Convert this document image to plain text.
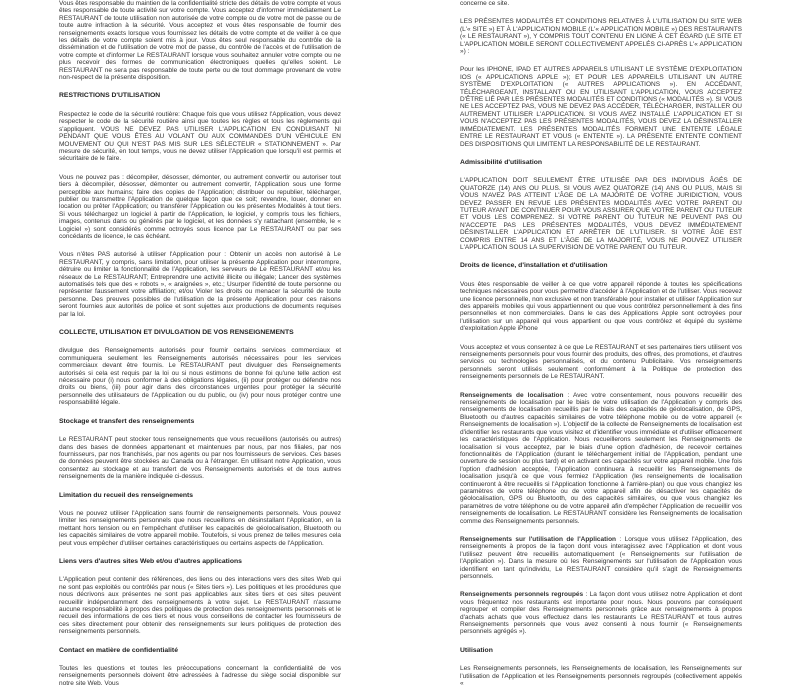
Vous êtes responsable du maintien de la confidentialité stricte des détails de votre compte et vous êtes responsable de toute activité sur votre compte. Vous acceptez d'informer immédiatement Le RESTAURANT de toute utilisation non autorisée de votre compte ou de votre mot de passe ou de toute autre infraction à la sécurité. Vous acceptez et vous êtes responsable de fournir des renseignements exacts lorsque vous fournissez les détails de votre compte et de veiller à ce que les détails de votre compte soient mis à jour. Vous êtes seul responsable du contrôle de la dissémination et de l'utilisation de votre mot de passe, du contrôle de l'accès et de l'utilisation de votre compte et d'informer Le RESTAURANT lorsque vous souhaitez annuler votre compte ou ne plus recevoir des formes de communication électroniques quelles qu'elles soient. Le RESTAURANT ne sera pas responsable de toute perte ou de tout dommage provenant de votre non-respect de la présente disposition.

RESTRICTIONS D'UTILISATION

Respectez le code de la sécurité routière: Chaque fois que vous utilisez l'Application, vous devez respecter le code de la sécurité routière ainsi que toutes les règles et tous les règlements qui s'appliquent. VOUS NE DEVEZ PAS UTILISER L'APPLICATION EN CONDUISANT NI PENDANT QUE VOUS ÊTES AU VOLANT OU AUX COMMANDES D'UN VÉHICULE EN MOUVEMENT OU QUI N'EST PAS MIS SUR LES SÉLECTEUR « STATIONNEMENT ». Par mesure de sécurité, en tout temps, vous ne devez utiliser l'Application que lorsqu'il est permis et sécuritaire de le faire.

Vous ne pouvez pas : décompiler, désosser, démonter, ou autrement convertir ou autoriser tout tiers à décompiler, désosser, démonter ou autrement convertir, l'Application sous une forme perceptible aux humains; faire des copies de l'Application; distribuer ou republier, télécharger, publier ou transmettre l'Application de quelque façon que ce soit; revendre, louer, donner en location ou prêter l'Application; ou transférer l'Application ou les présentes Modalités à tout tiers. Si vous téléchargez un logiciel à partir de l'Application, le logiciel, y compris tous les fichiers, images, contenus dans ou générés par le logiciel, et les données s'y rattachant (ensemble, le « Logiciel ») sont considérés comme octroyés sous licence par Le RESTAURANT ou par ses concédants de licence, le cas échéant.

Vous n'êtes PAS autorisé à utiliser l'Application pour : Obtenir un accès non autorisé à Le RESTAURANT, y compris, sans limitation, pour utiliser la présente Application pour interrompre, détruire ou limiter la fonctionnalité de l'Application, les serveurs de Le RESTAURANT et/ou les réseaux de Le RESTAURANT; Entreprendre une activité illicite ou illégale; Lancer des systèmes automatisés tels que des « robots », « araignées », etc.; Usurper l'identité de toute personne ou représenter faussement votre affiliation; et/ou Violer les droits ou menacer la sécurité de toute personne. Des preuves possibles de l'utilisation de la présente Application pour ces raisons seront fournies aux autorités de police et sont sujettes aux productions de documents requises par la loi.

COLLECTE, UTILISATION ET DIVULGATION DE VOS RENSEIGNEMENTS

divulgue des Renseignements autorisés pour fournir certains services commerciaux et communiquera seulement les Renseignements autorisés nécessaires pour les services commerciaux devant être fournis. Le RESTAURANT peut divulguer des Renseignements autorisés si cela est requis par la loi ou si nous estimons de bonne foi qu'une telle action est nécessaire pour (i) nous conformer à des obligations légales, (ii) pour protéger ou défendre nos droits ou biens, (iii) pour agir dans des circonstances urgentes pour protéger la sécurité personnelle des utilisateurs de l'Application ou du public, ou (iv) pour nous protéger contre une responsabilité légale.

Stockage et transfert des renseignements

Le RESTAURANT peut stocker tous renseignements que vous recueillons (autorisés ou autres) dans des bases de données appartenant et maintenues par nous, par nos filiales, par nos fournisseurs, par nos franchisés, par nos agents ou par nos fournisseurs de services. Ces bases de données peuvent être stockées au Canada ou à l'étranger. En utilisant notre Application, vous consentez au stockage et au transfert de vos Renseignements autorisés et de tous autres renseignements de la manière indiquée ci-dessus.

Limitation du recueil des renseignements

Vous ne pouvez utiliser l'Application sans fournir de renseignements personnels. Vous pouvez limiter les renseignements personnels que nous recueillons en désinstallant l'Application, en la mettant hors tension ou en l'empêchant d'utiliser les capacités de géolocalisation, Bluetooth ou les capacités similaires de votre appareil mobile. Toutefois, si vous prenez de telles mesures cela peut vous empêcher d'utiliser certaines caractéristiques ou certains aspects de l'Application.

Liens vers d'autres sites Web et/ou d'autres applications

L'Application peut contenir des références, des liens ou des interactions vers des sites Web qui ne sont pas exploités ou contrôlés par nous (« Sites tiers »). Les politiques et les procédures que nous décrivons aux présentes ne sont pas applicables aux sites tiers et ces sites peuvent recueillir indépendamment des renseignements à votre sujet. Le RESTAURANT n'assume aucune responsabilité à propos des politiques de protection des renseignements personnels et le recueil des informations de ces tiers et nous vous conseillons de contacter les fournisseurs de ces sites directement pour obtenir des renseignements sur leurs politiques de protection des renseignements personnels.

Contact en matière de confidentialité

Toutes les questions et toutes les préoccupations concernant la confidentialité de vos renseignements personnels doivent être adressées à l'adresse du siège social disponible sur notre site Web. Vous

concerne ce site.

LES PRÉSENTES MODALITÉS ET CONDITIONS RELATIVES À L'UTILISATION DU SITE WEB (L'« SITE ») ET À L'APPLICATION MOBILE (L'« APPLICATION MOBILE ») DES RESTAURANTS (« LE RESTAURANT »), Y COMPRIS TOUT CONTENU EN LIGNE À CET ÉGARD (LE SITE ET L'APPLICATION MOBILE SERONT COLLECTIVEMENT APPELÉS CI-APRÈS L'« APPLICATION ») :

Pour les IPHONE, IPAD ET AUTRES APPAREILS UTILISANT LE SYSTÈME D'EXPLOITATION IOS (« APPLICATIONS APPLE »); ET POUR LES APPAREILS UTILISANT UN AUTRE SYSTÈME D'EXPLOITATION (« AUTRES APPLICATIONS »). EN ACCÉDANT, TÉLÉCHARGEANT, INSTALLANT OU EN UTILISANT L'APPLICATION, VOUS ACCEPTEZ D'ÊTRE LIÉ PAR LES PRÉSENTES MODALITÉS ET CONDITIONS (« MODALITÉS »). SI VOUS NE LES ACCEPTEZ PAS, VOUS NE DEVEZ PAS ACCÉDER, TÉLÉCHARGER, INSTALLER OU AUTREMENT UTILISER L'APPLICATION. SI VOUS AVEZ INSTALLÉ L'APPLICATION ET SI VOUS N'ACCEPTEZ PAS LES PRÉSENTES MODALITÉS, VOUS DEVEZ LA DÉSINSTALLER IMMÉDIATEMENT. LES PRÉSENTES MODALITÉS FORMENT UNE ENTENTE LÉGALE ENTRE LE RESTAURANT ET VOUS (« ENTENTE »). LA PRÉSENTE ENTENTE CONTIENT DES DISPOSITIONS QUI LIMITENT LA RESPONSABILITÉ DE LE RESTAURANT.

Admissibilité d'utilisation

L'APPLICATION DOIT SEULEMENT ÊTRE UTILISÉE PAR DES INDIVIDUS ÂGÉS DE QUATORZE (14) ANS OU PLUS. SI VOUS AVEZ QUATORZE (14) ANS OU PLUS, MAIS SI VOUS N'AVEZ PAS ATTEINT L'ÂGE DE LA MAJORITÉ DE VOTRE JURIDICTION, VOUS DEVEZ PASSER EN REVUE LES PRÉSENTES MODALITÉS AVEC VOTRE PARENT OU TUTEUR AYANT DE CONTINUER POUR VOUS ASSURER QUE VOTRE PARENT OU TUTEUR ET VOUS LES COMPRENEZ. SI VOTRE PARENT OU TUTEUR NE PEUVENT PAS OU N'ACCEPTE PAS LES PRÉSENTES MODALITÉS, VOUS DEVEZ IMMÉDIATEMENT DÉSINSTALLER L'APPLICATION ET ARRÊTER DE L'UTILISER. SI VOTRE ÂGE EST COMPRIS ENTRE 14 ANS ET L'ÂGE DE LA MAJORITÉ, VOUS NE POUVEZ UTILISER L'APPLICATION SOUS LA SUPERVISION DE VOTRE PARENT OU TUTEUR.

Droits de licence, d'installation et d'utilisation

Vous êtes responsable de veiller à ce que votre appareil réponde à toutes les spécifications techniques nécessaires pour vous permettre d'accéder à l'Application et de l'utiliser. Vous recevez une licence personnelle, non exclusive et non transférable pour installer et utiliser l'Application sur des appareils mobiles qui vous appartiennent ou que vous contrôlez personnellement à des fins personnelles et non commerciales. Dans le cas des Applications Apple sont octroyées pour l'utilisation sur un appareil qui vous appartient ou que vous contrôlez et équipé du système d'exploitation Apple iPhone

Vous acceptez et vous consentez à ce que Le RESTAURANT et ses partenaires tiers utilisent vos renseignements personnels pour vous fournir des produits, des offres, des promotions, et d'autres services ou technologies personnalisés, et du contenu Publicitaire. Vos renseignements personnels seront utilisés seulement conformément à la Politique de protection des renseignements personnels de Le RESTAURANT.

Renseignements de localisation : Avec votre consentement, nous pouvons recueillir des renseignements de localisation par le biais de votre utilisation de l'Application y compris des renseignements de localisation recueillis par le biais des capacités de géolocalisation, de GPS, Bluetooth ou d'autres capacités similaires de votre téléphone mobile ou de votre appareil (« Renseignements de localisation »). L'objectif de la collecte de Renseignements de localisation est d'identifier les restaurants que vous visitez et d'identifier vous immédiate et d'utiliser efficacement les caractéristiques de l'Application. Nous recueillerons seulement les Renseignements de localisation si vous acceptez, par le biais d'une option d'adhésion, de recevoir certaines fonctionnalités de l'Application (durant le téléchargement initial de l'Application, pendant une ouverture de session ou plus tard) et en activant ces capacités sur votre appareil mobile. Une fois l'option d'adhésion acceptée, l'Application continuera à recueillir les Renseignements de localisation jusqu'à ce que vous fermiez l'Application (les renseignements de localisation continueront à être recueillis si l'Application fonctionne à l'arrière-plan) ou que vous changiez les paramètres de votre téléphone ou de votre appareil afin de désactiver les capacités de géolocalisation, GPS ou Bluetooth, ou des capacités similaires, ou que vous changiez les paramètres de votre téléphone ou de votre appareil afin d'empêcher l'Application de recueillir vos renseignements de localisation. Le RESTAURANT considère les Renseignements de localisation comme des Renseignements personnels.

Renseignements sur l'utilisation de l'Application : Lorsque vous utilisez l'Application, des renseignements à propos de la façon dont vous interagissez avec l'Application et dont vous l'utilisez peuvent être recueillis automatiquement (« Renseignements sur l'utilisation de l'Application »). Dans la mesure où les Renseignements sur l'utilisation de l'Application vous identifient en tant qu'individu, Le RESTAURANT considère qu'il s'agit de Renseignements personnels.

Renseignements personnels regroupés : La façon dont vous utilisez notre Application et dont vous fréquentez nos restaurants est importante pour nous. Nous pouvons par conséquent regrouper et compiler des Renseignements personnels grâce aux renseignements à propos d'achats achats que vous effectuez dans les restaurants Le RESTAURANT et tous autres Renseignements personnels que vous avez consenti à nous fournir (« Renseignements personnels agrégés »).

Utilisation

Les Renseignements personnels, les Renseignements de localisation, les Renseignements sur l'utilisation de l'Application et les Renseignements personnels regroupés (collectivement appelés «
